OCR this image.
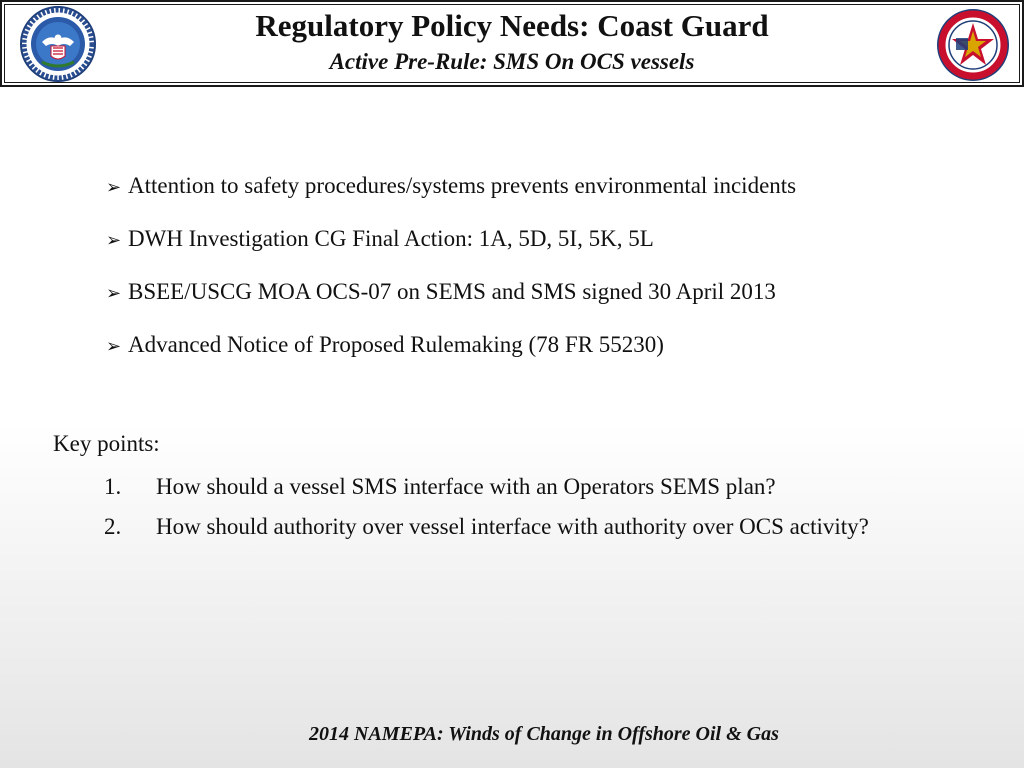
Regulatory Policy Needs: Coast Guard
Active Pre-Rule: SMS On OCS vessels
➢ Attention to safety procedures/systems prevents environmental incidents
➢ DWH Investigation CG Final Action: 1A, 5D, 5I, 5K, 5L
➢ BSEE/USCG MOA OCS-07 on SEMS and SMS signed 30 April 2013
➢ Advanced Notice of Proposed Rulemaking (78 FR 55230)
Key points:
1. How should a vessel SMS interface with an Operators SEMS plan?
2. How should authority over vessel interface with authority over OCS activity?
2014 NAMEPA: Winds of Change in Offshore Oil & Gas
